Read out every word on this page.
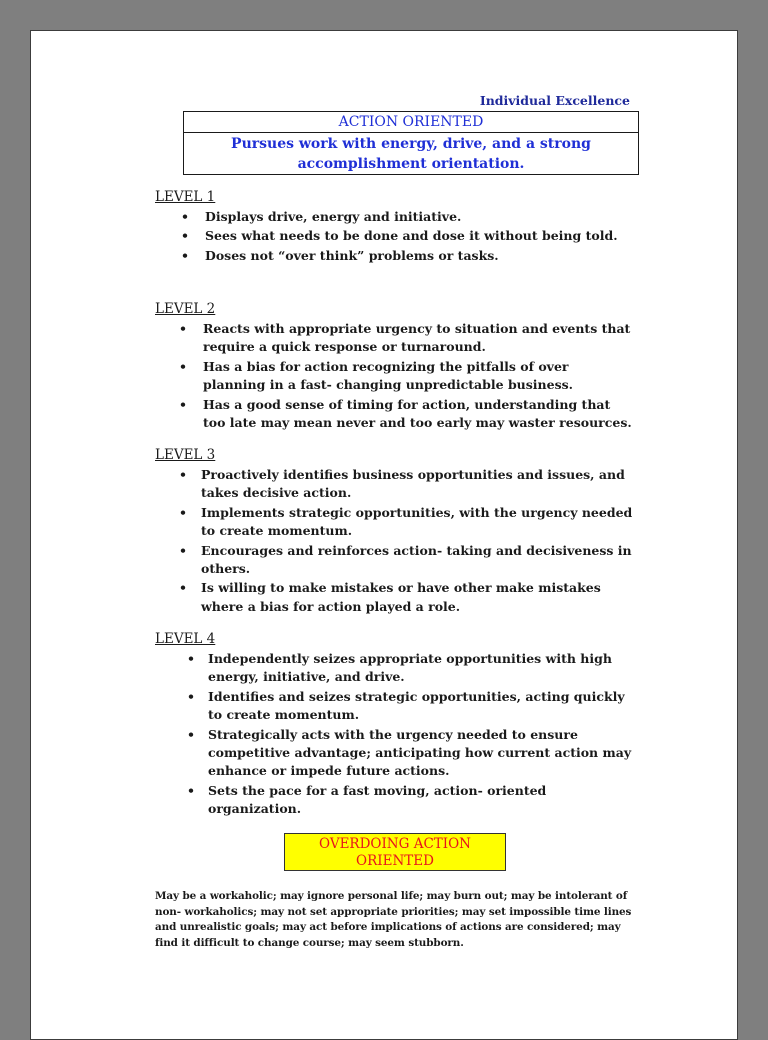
Individual Excellence
ACTION ORIENTED
Pursues work with energy, drive, and a strong accomplishment orientation.
LEVEL 1
• Displays drive, energy and initiative.
• Sees what needs to be done and dose it without being told.
• Doses not “over think” problems or tasks.
LEVEL 2
• Reacts with appropriate urgency to situation and events that require a quick response or turnaround.
• Has a bias for action recognizing the pitfalls of over planning in a fast- changing unpredictable business.
• Has a good sense of timing for action, understanding that too late may mean never and too early may waster resources.
LEVEL 3
• Proactively identifies business opportunities and issues, and takes decisive action.
• Implements strategic opportunities, with the urgency needed to create momentum.
• Encourages and reinforces action- taking and decisiveness in others.
• Is willing to make mistakes or have other make mistakes where a bias for action played a role.
LEVEL 4
• Independently seizes appropriate opportunities with high energy, initiative, and drive.
• Identifies and seizes strategic opportunities, acting quickly to create momentum.
• Strategically acts with the urgency needed to ensure competitive advantage; anticipating how current action may enhance or impede future actions.
• Sets the pace for a fast moving, action- oriented organization.
OVERDOING ACTION ORIENTED
May be a workaholic; may ignore personal life; may burn out; may be intolerant of non- workaholics; may not set appropriate priorities; may set impossible time lines and unrealistic goals; may act before implications of actions are considered; may find it difficult to change course; may seem stubborn.
